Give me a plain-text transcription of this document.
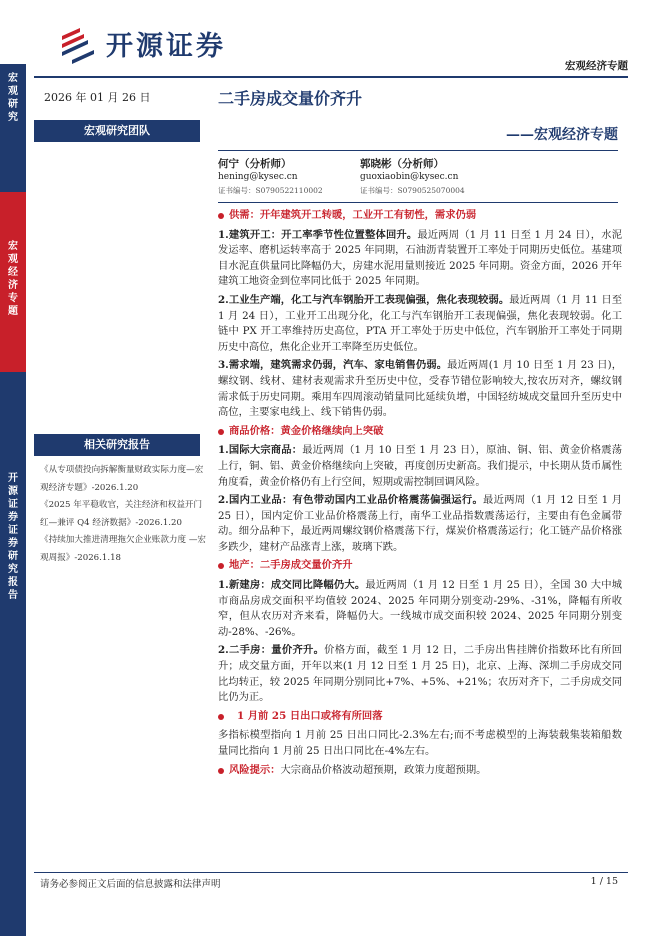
开源证券
宏观经济专题
宏观研究
宏观经济专题
开源证券 证券研究报告
2026 年 01 月 26 日
宏观研究团队
相关研究报告
《从专项债投向拆解衡量财政实际力度—宏观经济专题》-2026.1.20
《2025 年平稳收官，关注经济和权益开门红—兼评 Q4 经济数据》-2026.1.20
《持续加大推进清理拖欠企业账款力度 —宏观周报》-2026.1.18
二手房成交量价齐升
——宏观经济专题
何宁（分析师）
hening@kysec.cn
证书编号：S0790522110002
郭晓彬（分析师）
guoxiaobin@kysec.cn
证书编号：S0790525070004
供需：开年建筑开工转暖，工业开工有韧性，需求仍弱

1.建筑开工：开工率季节性位置整体回升。最近两周（1 月 11 日至 1 月 24 日），水泥发运率、磨机运转率高于 2025 年同期，石油沥青装置开工率处于同期历史低位。基建项目水泥直供量同比降幅仍大，房建水泥用量则接近 2025 年同期。资金方面，2026 开年建筑工地资金到位率同比低于 2025 年同期。

2.工业生产端，化工与汽车钢胎开工表现偏强，焦化表现较弱。最近两周（1 月 11 日至 1 月 24 日），工业开工出现分化，化工与汽车钢胎开工表现偏强，焦化表现较弱。化工链中 PX 开工率维持历史高位，PTA 开工率处于历史中低位，汽车钢胎开工率处于同期历史中高位，焦化企业开工率降至历史低位。

3.需求端，建筑需求仍弱，汽车、家电销售仍弱。最近两周(1 月 10 日至 1 月 23 日)，螺纹钢、线材、建材表观需求升至历史中位，受春节错位影响较大,按农历对齐，螺纹钢需求低于历史同期。乘用车四周滚动销量同比延续负增，中国轻纺城成交量回升至历史中高位，主要家电线上、线下销售仍弱。

商品价格：黄金价格继续向上突破

1.国际大宗商品：最近两周（1 月 10 日至 1 月 23 日），原油、铜、铝、黄金价格震荡上行，铜、铝、黄金价格继续向上突破，再度创历史新高。我们提示，中长期从货币属性角度看，黄金价格仍有上行空间，短期或需控制回调风险。

2.国内工业品：有色带动国内工业品价格震荡偏强运行。最近两周（1 月 12 日至 1 月 25 日），国内定价工业品价格震荡上行，南华工业品指数震荡运行，主要由有色金属带动。细分品种下，最近两周螺纹钢价格震荡下行，煤炭价格震荡运行；化工链产品价格涨多跌少，建材产品涨青上涨，玻璃下跌。

地产：二手房成交量价齐升

1.新建房：成交同比降幅仍大。最近两周（1 月 12 日至 1 月 25 日），全国 30 大中城市商品房成交面积平均值较 2024、2025 年同期分别变动-29%、-31%，降幅有所收窄，但从农历对齐来看，降幅仍大。一线城市成交面积较 2024、2025 年同期分别变动-28%、-26%。

2.二手房：量价齐升。价格方面，截至 1 月 12 日，二手房出售挂牌价指数环比有所回升；成交量方面，开年以来(1 月 12 日至 1 月 25 日)，北京、上海、深圳二手房成交同比均转正，较 2025 年同期分别同比+7%、+5%、+21%；农历对齐下，二手房成交同比仍为正。

1 月前 25 日出口或将有所回落

多指标模型指向 1 月前 25 日出口同比-2.3%左右;而不考虑模型的上海装载集装箱船数量同比指向 1 月前 25 日出口同比在-4%左右。

风险提示：大宗商品价格波动超预期，政策力度超预期。

请务必参阅正文后面的信息披露和法律声明	1 / 15
